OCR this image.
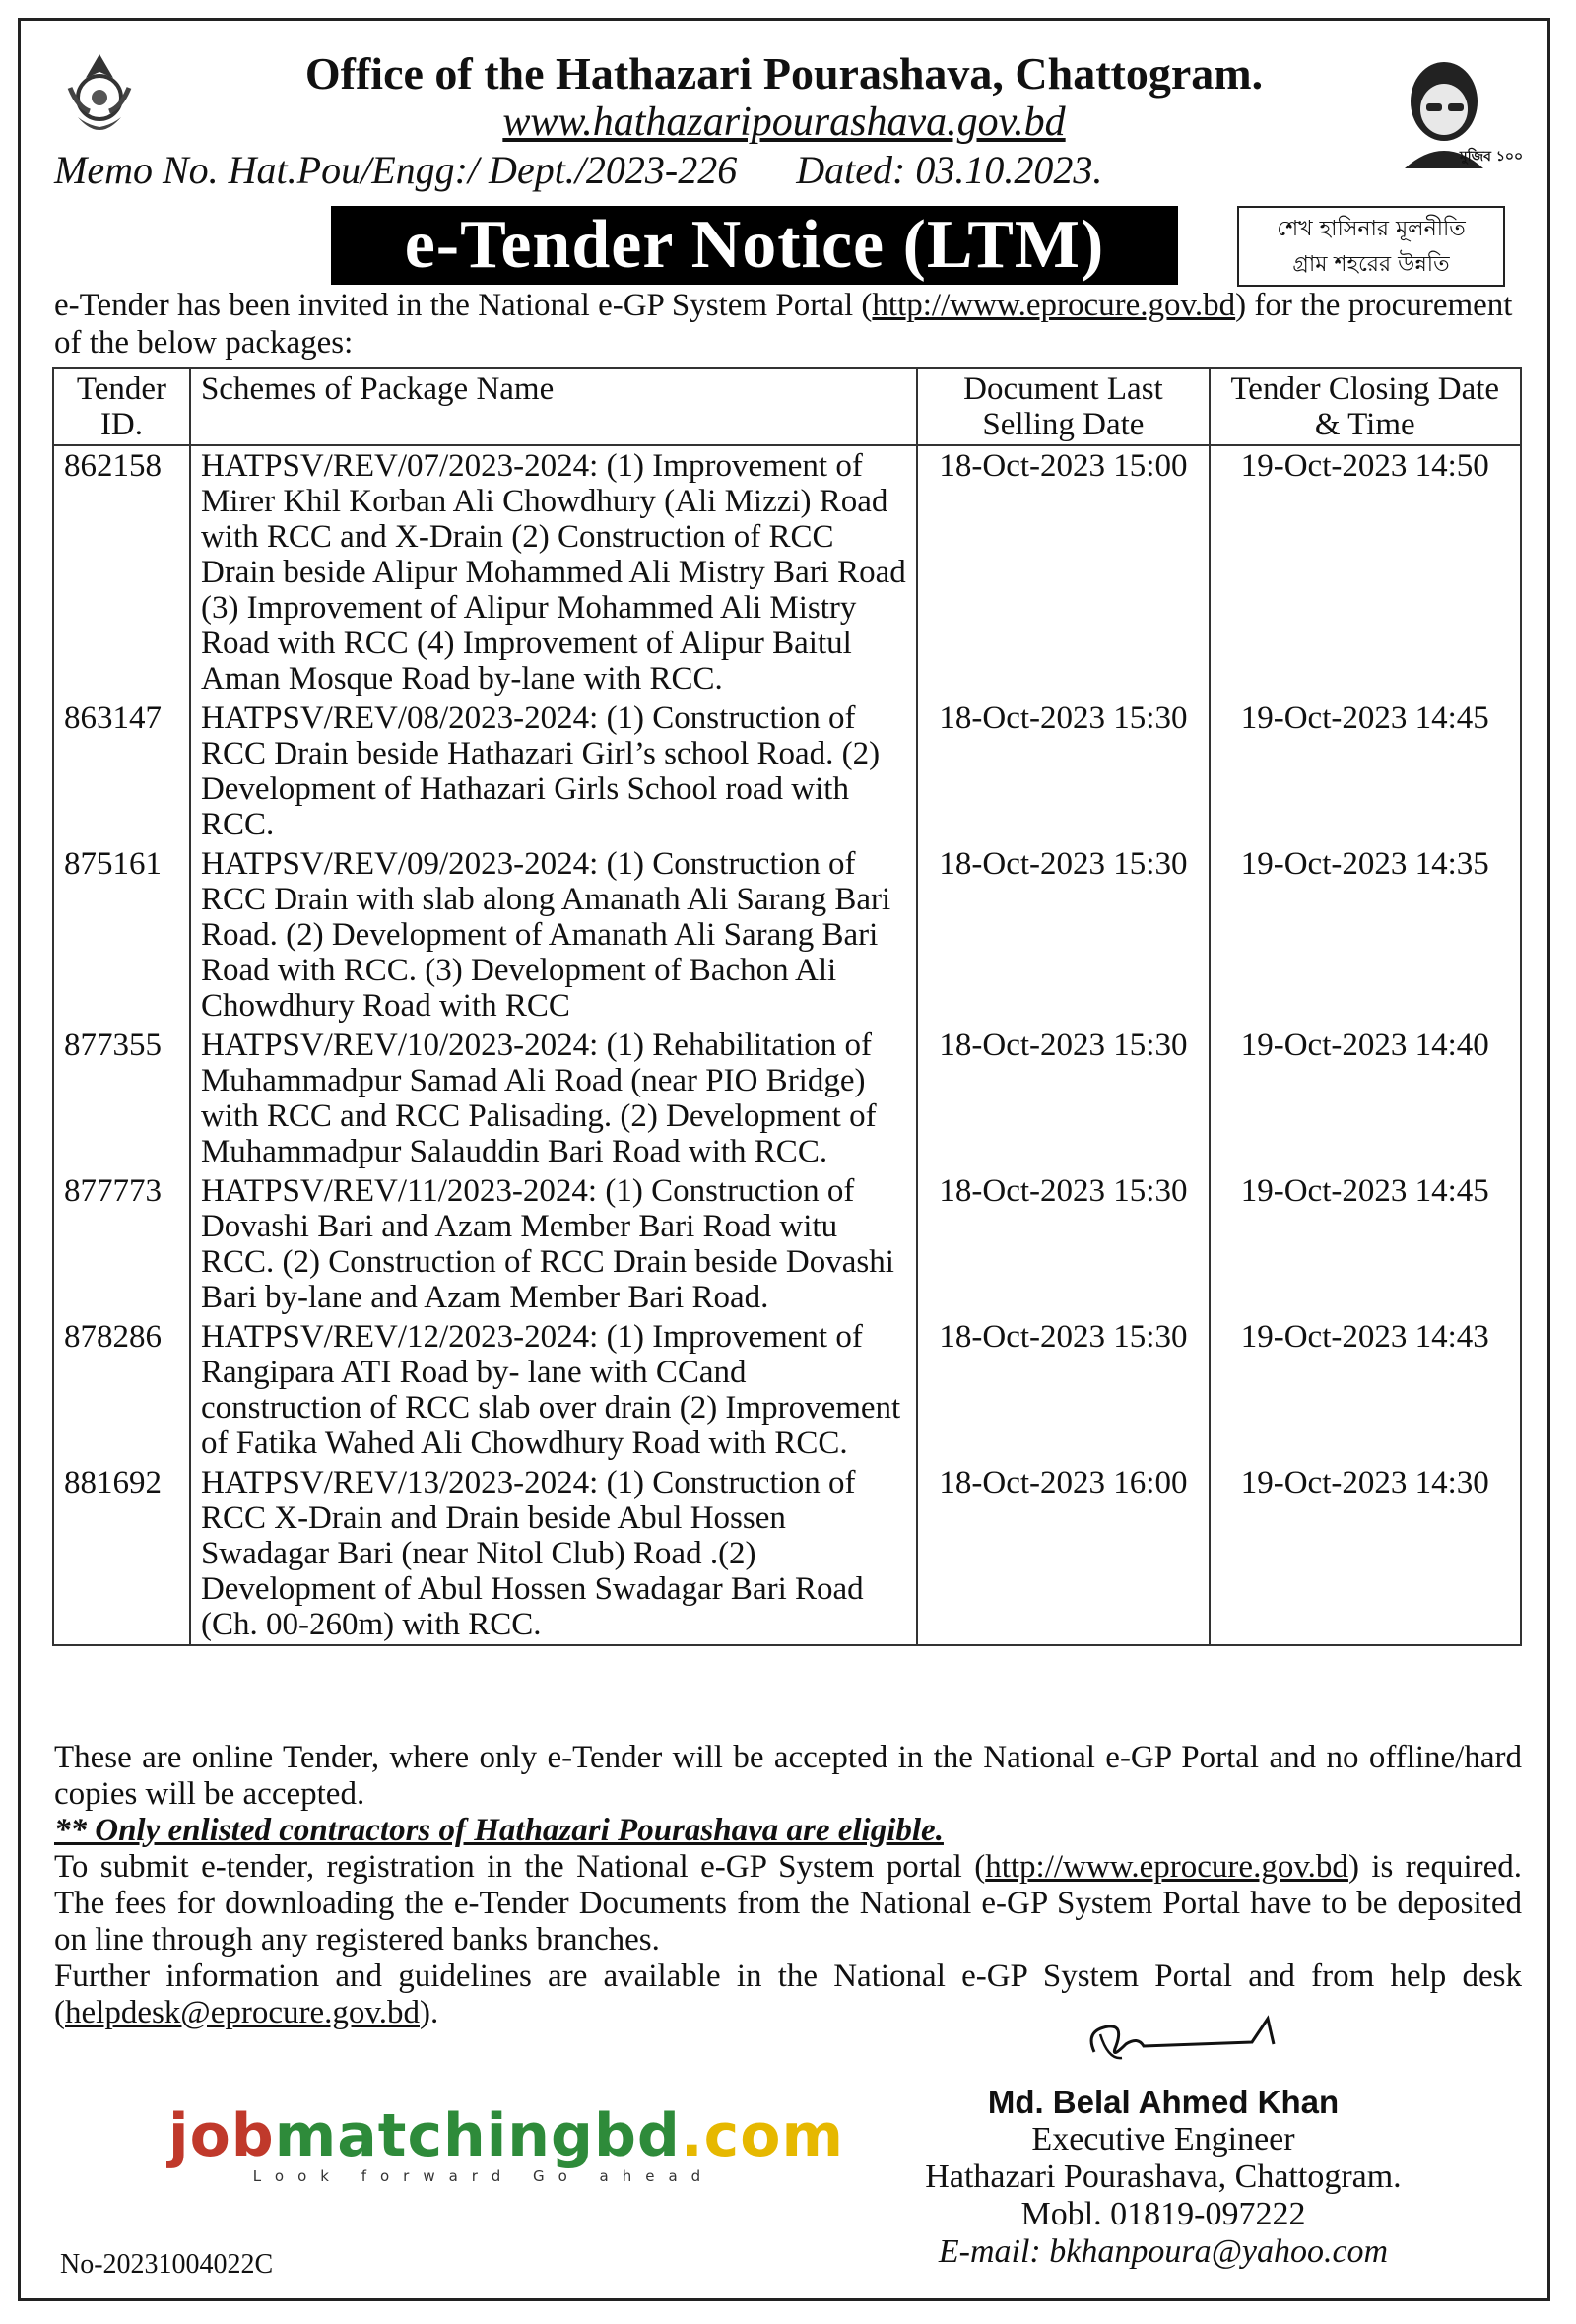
Office of the Hathazari Pourashava, Chattogram.
www.hathazaripourashava.gov.bd
মুজিব ১০০
Memo No. Hat.Pou/Engg:/ Dept./2023-226 Dated: 03.10.2023.
e-Tender Notice (LTM)	শেখ হাসিনার মূলনীতি
গ্রাম শহরের উন্নতি
e-Tender has been invited in the National e-GP System Portal (http://www.eprocure.gov.bd) for the procurement of the below packages:
Tender ID.	Schemes of Package Name	Document Last Selling Date	Tender Closing Date & Time
862158	HATPSV/REV/07/2023-2024: (1) Improvement of Mirer Khil Korban Ali Chowdhury (Ali Mizzi) Road with RCC and X-Drain (2) Construction of RCC Drain beside Alipur Mohammed Ali Mistry Bari Road (3) Improvement of Alipur Mohammed Ali Mistry Road with RCC (4) Improvement of Alipur Baitul Aman Mosque Road by-lane with RCC.	18-Oct-2023 15:00	19-Oct-2023 14:50
863147	HATPSV/REV/08/2023-2024: (1) Construction of RCC Drain beside Hathazari Girl’s school Road. (2) Development of Hathazari Girls School road with RCC.	18-Oct-2023 15:30	19-Oct-2023 14:45
875161	HATPSV/REV/09/2023-2024: (1) Construction of RCC Drain with slab along Amanath Ali Sarang Bari Road. (2) Development of Amanath Ali Sarang Bari Road with RCC. (3) Development of Bachon Ali Chowdhury Road with RCC	18-Oct-2023 15:30	19-Oct-2023 14:35
877355	HATPSV/REV/10/2023-2024: (1) Rehabilitation of Muhammadpur Samad Ali Road (near PIO Bridge) with RCC and RCC Palisading. (2) Development of Muhammadpur Salauddin Bari Road with RCC.	18-Oct-2023 15:30	19-Oct-2023 14:40
877773	HATPSV/REV/11/2023-2024: (1) Construction of Dovashi Bari and Azam Member Bari Road witu RCC. (2) Construction of RCC Drain beside Dovashi Bari by-lane and Azam Member Bari Road.	18-Oct-2023 15:30	19-Oct-2023 14:45
878286	HATPSV/REV/12/2023-2024: (1) Improvement of Rangipara ATI Road by- lane with CCand construction of RCC slab over drain (2) Improvement of Fatika Wahed Ali Chowdhury Road with RCC.	18-Oct-2023 15:30	19-Oct-2023 14:43
881692	HATPSV/REV/13/2023-2024: (1) Construction of RCC X-Drain and Drain beside Abul Hossen Swadagar Bari (near Nitol Club) Road .(2) Development of Abul Hossen Swadagar Bari Road (Ch. 00-260m) with RCC.	18-Oct-2023 16:00	19-Oct-2023 14:30
These are online Tender, where only e-Tender will be accepted in the National e-GP Portal and no offline/hard copies will be accepted.
** Only enlisted contractors of Hathazari Pourashava are eligible.
To submit e-tender, registration in the National e-GP System portal (http://www.eprocure.gov.bd) is required. The fees for downloading the e-Tender Documents from the National e-GP System Portal have to be deposited on line through any registered banks branches.
Further information and guidelines are available in the National e-GP System Portal and from help desk (helpdesk@eprocure.gov.bd).
Md. Belal Ahmed Khan
Executive Engineer
Hathazari Pourashava, Chattogram.
Mobl. 01819-097222
E-mail: bkhanpoura@yahoo.com
jobmatchingbd.com
Look forward Go ahead
No-20231004022C
